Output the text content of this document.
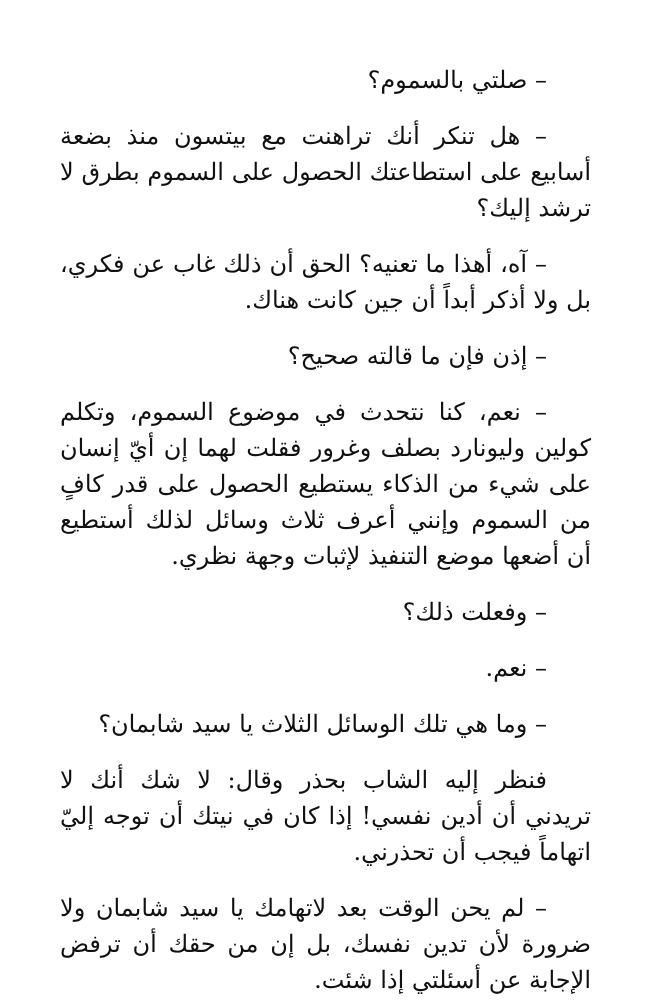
– صلتي بالسموم؟

– هل تنكر أنك تراهنت مع بيتسون منذ بضعة أسابيع على استطاعتك الحصول على السموم بطرق لا ترشد إليك؟

– آه، أهذا ما تعنيه؟ الحق أن ذلك غاب عن فكري، بل ولا أذكر أبداً أن جين كانت هناك.

– إذن فإن ما قالته صحيح؟

– نعم، كنا نتحدث في موضوع السموم، وتكلم كولين وليونارد بصلف وغرور فقلت لهما إن أيّ إنسان على شيء من الذكاء يستطيع الحصول على قدر كافٍ من السموم وإنني أعرف ثلاث وسائل لذلك أستطيع أن أضعها موضع التنفيذ لإثبات وجهة نظري.

– وفعلت ذلك؟

– نعم.

– وما هي تلك الوسائل الثلاث يا سيد شابمان؟

فنظر إليه الشاب بحذر وقال: لا شك أنك لا تريدني أن أدين نفسي! إذا كان في نيتك أن توجه إليّ اتهاماً فيجب أن تحذرني.

– لم يحن الوقت بعد لاتهامك يا سيد شابمان ولا ضرورة لأن تدين نفسك، بل إن من حقك أن ترفض الإجابة عن أسئلتي إذا شئت.
